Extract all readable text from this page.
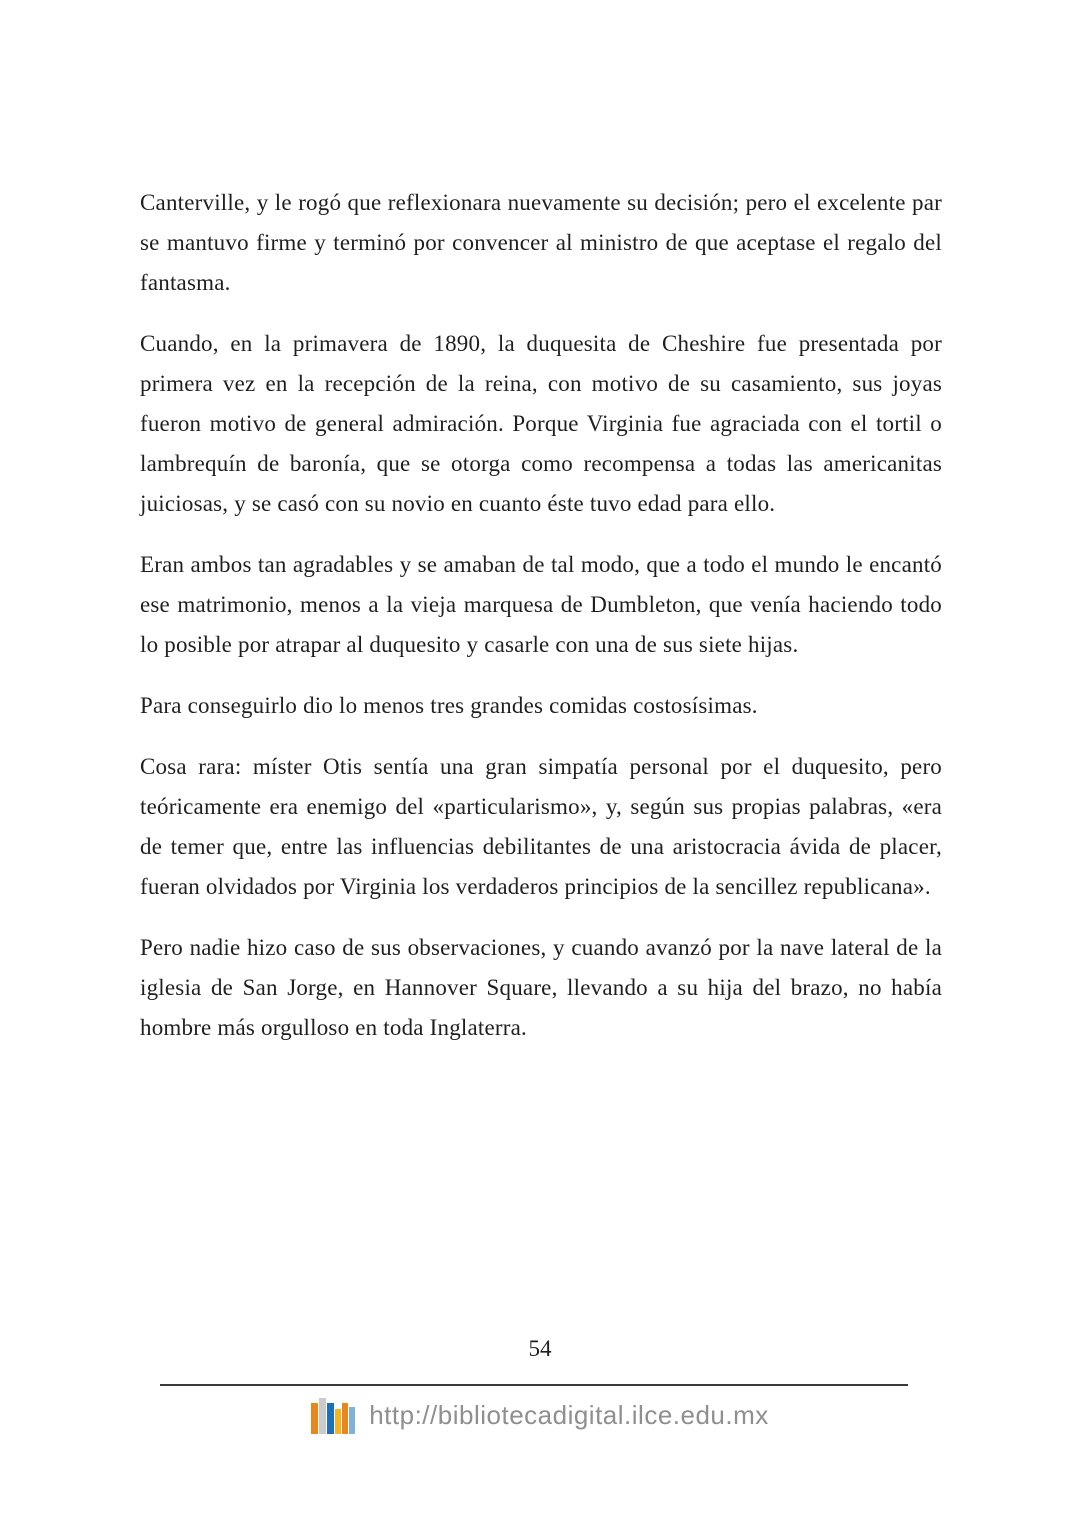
Canterville, y le rogó que reflexionara nuevamente su decisión; pero el excelente par se mantuvo firme y terminó por convencer al ministro de que aceptase el regalo del fantasma.

Cuando, en la primavera de 1890, la duquesita de Cheshire fue presentada por primera vez en la recepción de la reina, con motivo de su casamiento, sus joyas fueron motivo de general admiración. Porque Virginia fue agraciada con el tortil o lambrequín de baronía, que se otorga como recompensa a todas las americanitas juiciosas, y se casó con su novio en cuanto éste tuvo edad para ello.

Eran ambos tan agradables y se amaban de tal modo, que a todo el mundo le encantó ese matrimonio, menos a la vieja marquesa de Dumbleton, que venía haciendo todo lo posible por atrapar al duquesito y casarle con una de sus siete hijas.

Para conseguirlo dio lo menos tres grandes comidas costosísimas.

Cosa rara: míster Otis sentía una gran simpatía personal por el duquesito, pero teóricamente era enemigo del «particularismo», y, según sus propias palabras, «era de temer que, entre las influencias debilitantes de una aristocracia ávida de placer, fueran olvidados por Virginia los verdaderos principios de la sencillez republicana».

Pero nadie hizo caso de sus observaciones, y cuando avanzó por la nave lateral de la iglesia de San Jorge, en Hannover Square, llevando a su hija del brazo, no había hombre más orgulloso en toda Inglaterra.

54
http://bibliotecadigital.ilce.edu.mx
